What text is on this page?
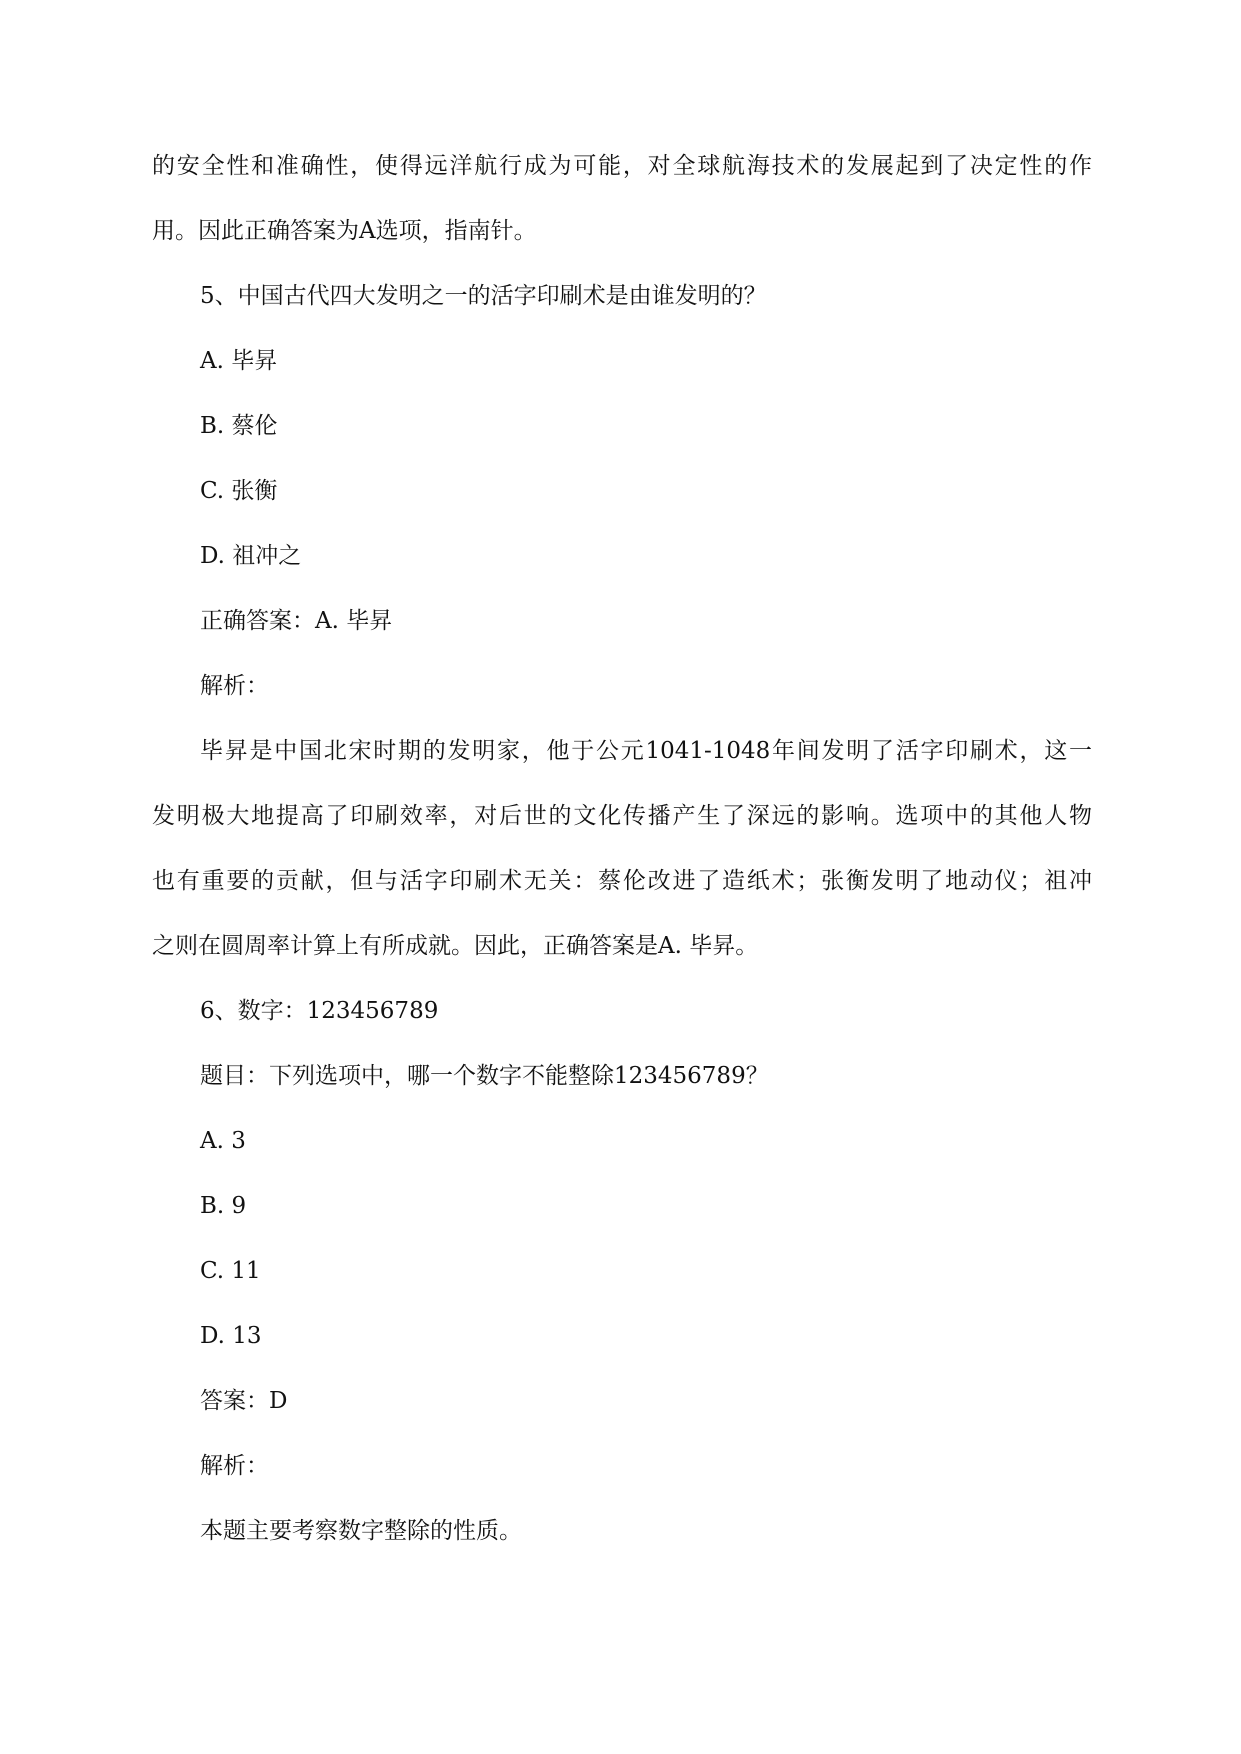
的安全性和准确性，使得远洋航行成为可能，对全球航海技术的发展起到了决定性的作

用。因此正确答案为A选项，指南针。

5、中国古代四大发明之一的活字印刷术是由谁发明的？

A. 毕昇

B. 蔡伦

C. 张衡

D. 祖冲之

正确答案：A. 毕昇

解析：

毕昇是中国北宋时期的发明家，他于公元1041-1048年间发明了活字印刷术，这一

发明极大地提高了印刷效率，对后世的文化传播产生了深远的影响。选项中的其他人物

也有重要的贡献，但与活字印刷术无关：蔡伦改进了造纸术；张衡发明了地动仪；祖冲

之则在圆周率计算上有所成就。因此，正确答案是A. 毕昇。

6、数字：123456789

题目：下列选项中，哪一个数字不能整除123456789？

A. 3

B. 9

C. 11

D. 13

答案：D

解析：

本题主要考察数字整除的性质。
